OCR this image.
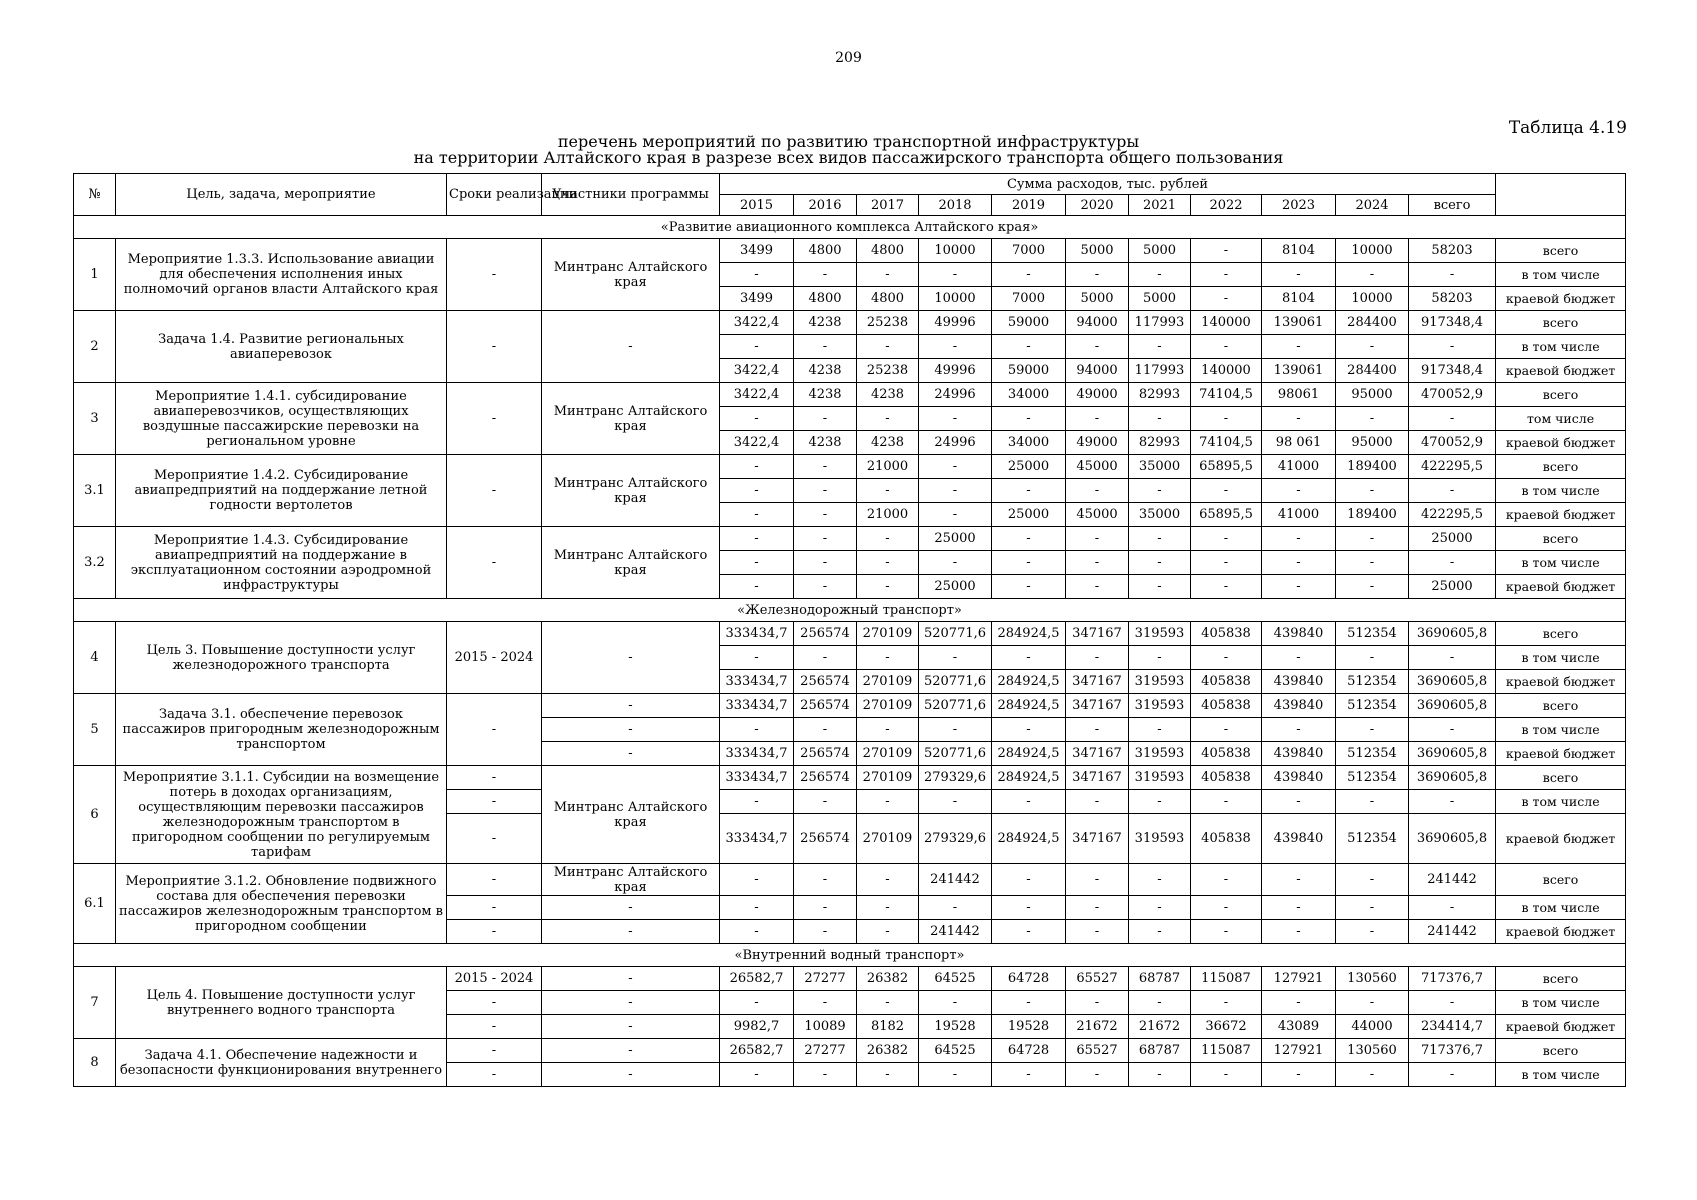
209
Таблица 4.19
перечень мероприятий по развитию транспортной инфраструктуры
на территории Алтайского края в разрезе всех видов пассажирского транспорта общего пользования
№	Цель, задача, мероприятие	Сроки реализации	Участники программы	Сумма расходов, тыс. рублей											
				2015	2016	2017	2018	2019	2020	2021	2022	2023	2024	всего	
«Развитие авиационного комплекса Алтайского края»															
1	Мероприятие 1.3.3. Использование авиации для обеспечения исполнения иных полномочий органов власти Алтайского края	-	Минтранс Алтайского края	3499	4800	4800	10000	7000	5000	5000	-	8104	10000	58203	всего
				-	-	-	-	-	-	-	-	-	-	-	в том числе
				3499	4800	4800	10000	7000	5000	5000	-	8104	10000	58203	краевой бюджет
2	Задача 1.4. Развитие региональных авиаперевозок	-	-	3422,4	4238	25238	49996	59000	94000	117993	140000	139061	284400	917348,4	всего
				-	-	-	-	-	-	-	-	-	-	-	в том числе
				3422,4	4238	25238	49996	59000	94000	117993	140000	139061	284400	917348,4	краевой бюджет
3	Мероприятие 1.4.1. субсидирование авиаперевозчиков, осуществляющих воздушные пассажирские перевозки на региональном уровне	-	Минтранс Алтайского края	3422,4	4238	4238	24996	34000	49000	82993	74104,5	98061	95000	470052,9	всего
				-	-	-	-	-	-	-	-	-	-	-	том числе
				3422,4	4238	4238	24996	34000	49000	82993	74104,5	98 061	95000	470052,9	краевой бюджет
3.1	Мероприятие 1.4.2. Субсидирование авиапредприятий на поддержание летной годности вертолетов	-	Минтранс Алтайского края	-	-	21000	-	25000	45000	35000	65895,5	41000	189400	422295,5	всего
				-	-	-	-	-	-	-	-	-	-	-	в том числе
				-	-	21000	-	25000	45000	35000	65895,5	41000	189400	422295,5	краевой бюджет
3.2	Мероприятие 1.4.3. Субсидирование авиапредприятий на поддержание в эксплуатационном состоянии аэродромной инфраструктуры	-	Минтранс Алтайского края	-	-	-	25000	-	-	-	-	-	-	25000	всего
				-	-	-	-	-	-	-	-	-	-	-	в том числе
				-	-	-	25000	-	-	-	-	-	-	25000	краевой бюджет
«Железнодорожный транспорт»															
4	Цель 3. Повышение доступности услуг железнодорожного транспорта	2015 - 2024	-	333434,7	256574	270109	520771,6	284924,5	347167	319593	405838	439840	512354	3690605,8	всего
				-	-	-	-	-	-	-	-	-	-	-	в том числе
				333434,7	256574	270109	520771,6	284924,5	347167	319593	405838	439840	512354	3690605,8	краевой бюджет
5	Задача 3.1. обеспечение перевозок пассажиров пригородным железнодорожным транспортом	-	-	333434,7	256574	270109	520771,6	284924,5	347167	319593	405838	439840	512354	3690605,8	всего
			-	-	-	-	-	-	-	-	-	-	-	-	в том числе
			-	333434,7	256574	270109	520771,6	284924,5	347167	319593	405838	439840	512354	3690605,8	краевой бюджет
6	Мероприятие 3.1.1. Субсидии на возмещение потерь в доходах организациям, осуществляющим перевозки пассажиров железнодорожным транспортом в пригородном сообщении по регулируемым тарифам	-	Минтранс Алтайского края	333434,7	256574	270109	279329,6	284924,5	347167	319593	405838	439840	512354	3690605,8	всего
		-		-	-	-	-	-	-	-	-	-	-	-	в том числе
		-		333434,7	256574	270109	279329,6	284924,5	347167	319593	405838	439840	512354	3690605,8	краевой бюджет
6.1	Мероприятие 3.1.2. Обновление подвижного состава для обеспечения перевозки пассажиров железнодорожным транспортом в пригородном сообщении	-	Минтранс Алтайского края	-	-	-	241442	-	-	-	-	-	-	241442	всего
		-	-	-	-	-	-	-	-	-	-	-	-	-	в том числе
		-	-	-	-	-	241442	-	-	-	-	-	-	241442	краевой бюджет
«Внутренний водный транспорт»															
7	Цель 4. Повышение доступности услуг внутреннего водного транспорта	2015 - 2024	-	26582,7	27277	26382	64525	64728	65527	68787	115087	127921	130560	717376,7	всего
		-	-	-	-	-	-	-	-	-	-	-	-	-	в том числе
		-	-	9982,7	10089	8182	19528	19528	21672	21672	36672	43089	44000	234414,7	краевой бюджет
8	Задача 4.1. Обеспечение надежности и безопасности функционирования внутреннего	-	-	26582,7	27277	26382	64525	64728	65527	68787	115087	127921	130560	717376,7	всего
		-	-	-	-	-	-	-	-	-	-	-	-	-	в том числе
